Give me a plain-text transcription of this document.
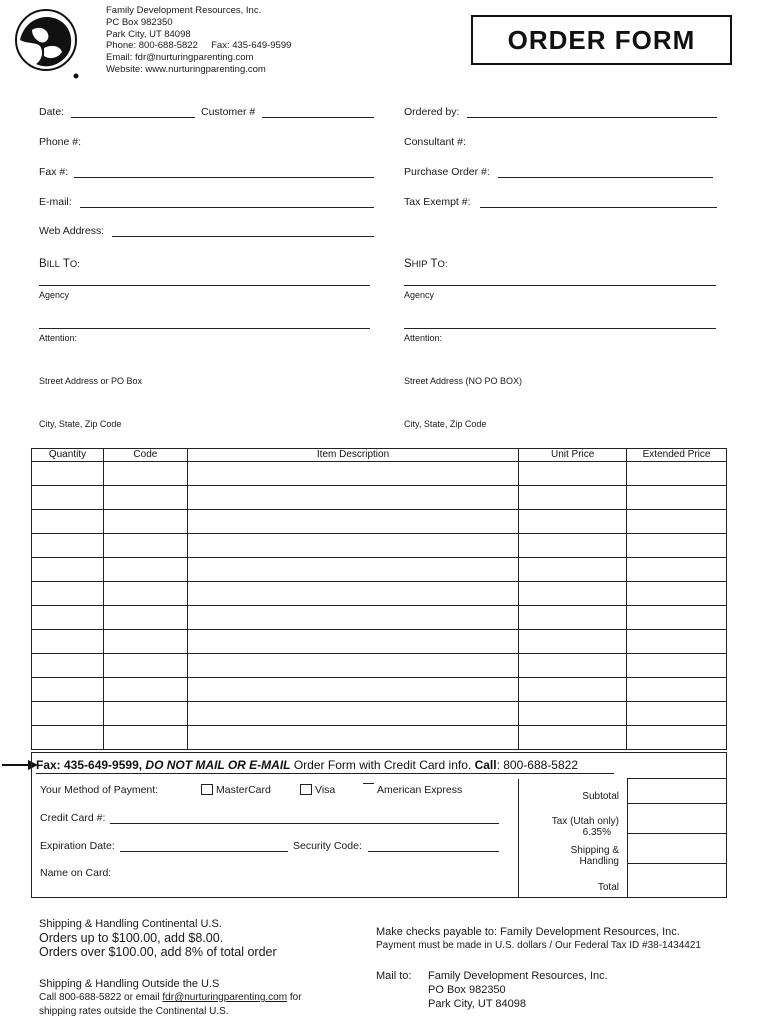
Family Development Resources, Inc.
PC Box 982350
Park City, UT 84098
Phone: 800-688-5822 Fax: 435-649-9599
Email: fdr@nurturingparenting.com
Website: www.nurturingparenting.com
ORDER FORM
Date:	Customer #
Phone #:
Fax #:
E-mail:
Web Address:
Ordered by:
Consultant #:
Purchase Order #:
Tax Exempt #:
BILL TO:
Agency
Attention:
Street Address or PO Box
City, State, Zip Code
SHIP TO:
Agency
Attention:
Street Address (NO PO BOX)
City, State, Zip Code
Quantity	Code	Item Description	Unit Price	Extended Price

Fax: 435-649-9599, DO NOT MAIL OR E-MAIL Order Form with Credit Card info. Call: 800-688-5822
Your Method of Payment:	MasterCard	Visa	American Express
Credit Card #:
Expiration Date:	Security Code:
Name on Card:
Subtotal
Tax (Utah only)
6.35%
Shipping &
Handling
Total
Shipping & Handling Continental U.S.
Orders up to $100.00, add $8.00.
Orders over $100.00, add 8% of total order
Shipping & Handling Outside the U.S
Call 800-688-5822 or email fdr@nurturingparenting.com for
shipping rates outside the Continental U.S.
Make checks payable to: Family Development Resources, Inc.
Payment must be made in U.S. dollars / Our Federal Tax ID #38-1434421
Mail to: Family Development Resources, Inc.
PO Box 982350
Park City, UT 84098
